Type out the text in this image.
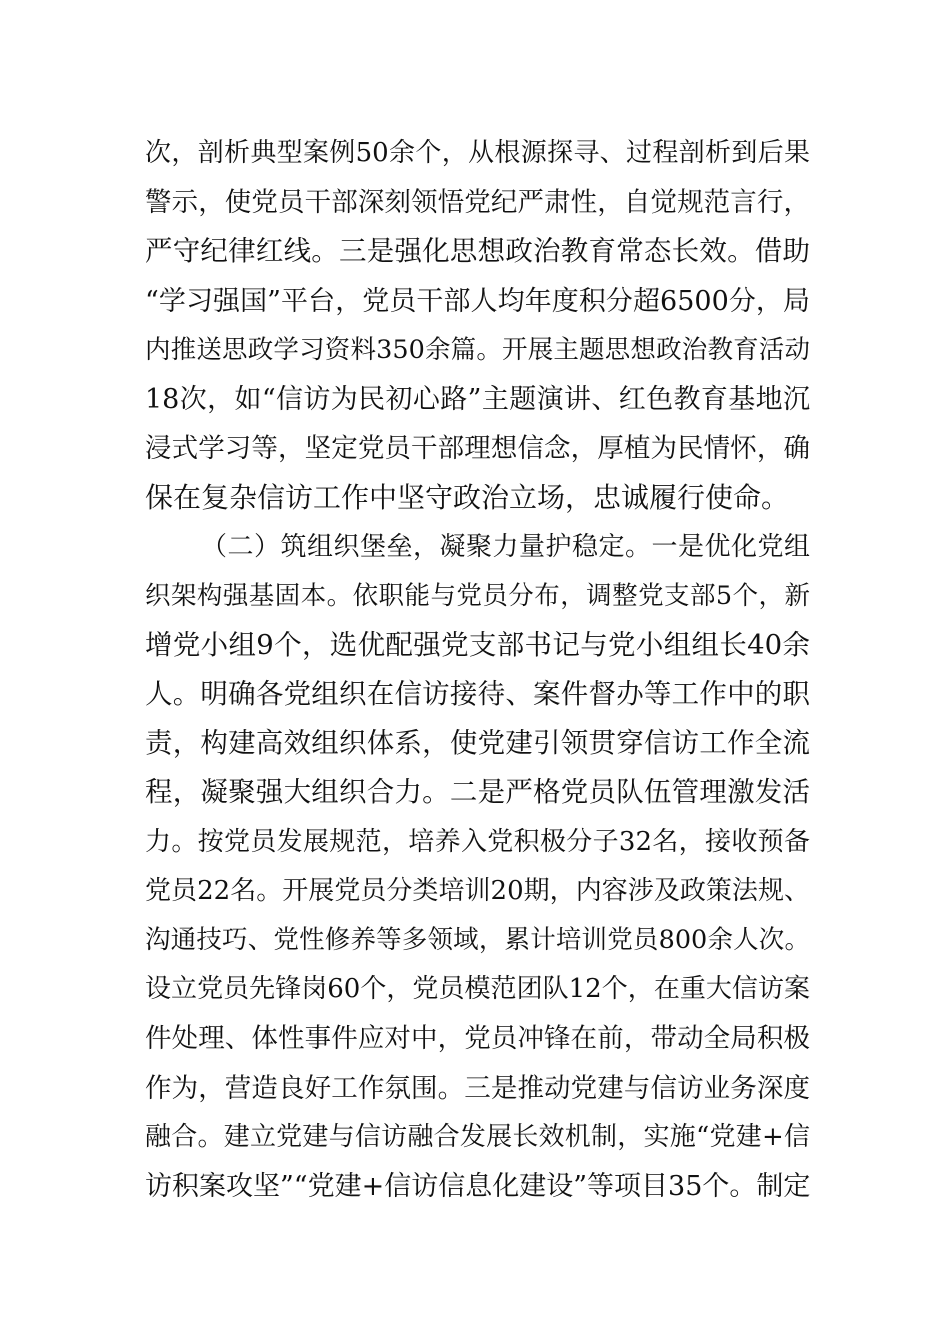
次，剖析典型案例50余个，从根源探寻、过程剖析到后果
警示，使党员干部深刻领悟党纪严肃性，自觉规范言行，
严守纪律红线。三是强化思想政治教育常态长效。借助
“学习强国”平台，党员干部人均年度积分超6500分，局
内推送思政学习资料350余篇。开展主题思想政治教育活动
18次，如“信访为民初心路”主题演讲、红色教育基地沉
浸式学习等，坚定党员干部理想信念，厚植为民情怀，确
保在复杂信访工作中坚守政治立场，忠诚履行使命。
（二）筑组织堡垒，凝聚力量护稳定。一是优化党组
织架构强基固本。依职能与党员分布，调整党支部5个，新
增党小组9个，选优配强党支部书记与党小组组长40余
人。明确各党组织在信访接待、案件督办等工作中的职
责，构建高效组织体系，使党建引领贯穿信访工作全流
程，凝聚强大组织合力。二是严格党员队伍管理激发活
力。按党员发展规范，培养入党积极分子32名，接收预备
党员22名。开展党员分类培训20期，内容涉及政策法规、
沟通技巧、党性修养等多领域，累计培训党员800余人次。
设立党员先锋岗60个，党员模范团队12个，在重大信访案
件处理、体性事件应对中，党员冲锋在前，带动全局积极
作为，营造良好工作氛围。三是推动党建与信访业务深度
融合。建立党建与信访融合发展长效机制，实施“党建+信
访积案攻坚”“党建+信访信息化建设”等项目35个。制定
